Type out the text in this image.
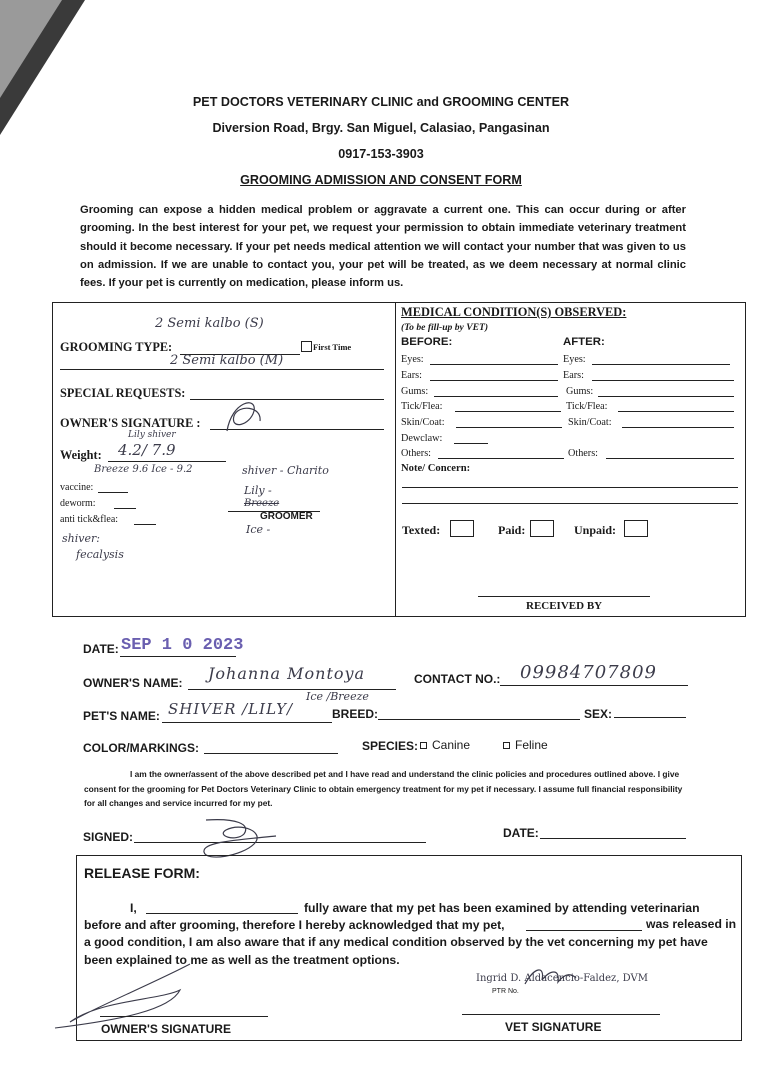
PET DOCTORS VETERINARY CLINIC and GROOMING CENTER
Diversion Road, Brgy. San Miguel, Calasiao, Pangasinan
0917-153-3903
GROOMING ADMISSION AND CONSENT FORM
Grooming can expose a hidden medical problem or aggravate a current one. This can occur during or after grooming. In the best interest for your pet, we request your permission to obtain immediate veterinary treatment should it become necessary. If your pet needs medical attention we will contact your number that was given to us on admission. If we are unable to contact you, your pet will be treated, as we deem necessary at normal clinic fees. If your pet is currently on medication, please inform us.
2 Semi kalbo (S)
GROOMING TYPE:	First Time
2 Semi kalbo (M)
SPECIAL REQUESTS:
OWNER'S SIGNATURE :
Lily shiver
Weight: 4.2/ 7.9
Breeze 9.6 Ice - 9.2
vaccine:
deworm:
anti tick&flea:
shiver - Charito
Lily -
Breeze
GROOMER
Ice -
shiver:
fecalysis
MEDICAL CONDITION(S) OBSERVED:
(To be fill-up by VET)
BEFORE:	AFTER:
Eyes:	Eyes:
Ears:	Ears:
Gums:	Gums:
Tick/Flea:	Tick/Flea:
Skin/Coat:	Skin/Coat:
Dewclaw:
Others:	Others:
Note/ Concern:
Texted:	Paid:	Unpaid:
RECEIVED BY
DATE: SEP 1 0 2023
OWNER'S NAME: Johanna Montoya	CONTACT NO.: 09984707809
PET'S NAME: SHIVER /LILY/
Ice /Breeze
BREED:	SEX:
COLOR/MARKINGS:	SPECIES: Canine	Feline
I am the owner/assent of the above described pet and I have read and understand the clinic policies and procedures outlined above. I give consent for the grooming for Pet Doctors Veterinary Clinic to obtain emergency treatment for my pet if necessary. I assume full financial responsibility for all changes and service incurred for my pet.
SIGNED:	DATE:
RELEASE FORM:
I,	fully aware that my pet has been examined by attending veterinarian
before and after grooming, therefore I hereby acknowledged that my pet,	was released in
a good condition, I am also aware that if any medical condition observed by the vet concerning my pet have
been explained to me as well as the treatment options.
OWNER'S SIGNATURE
Ingrid D. Aldacencio-Faldez, DVM
PTR No.
VET SIGNATURE
